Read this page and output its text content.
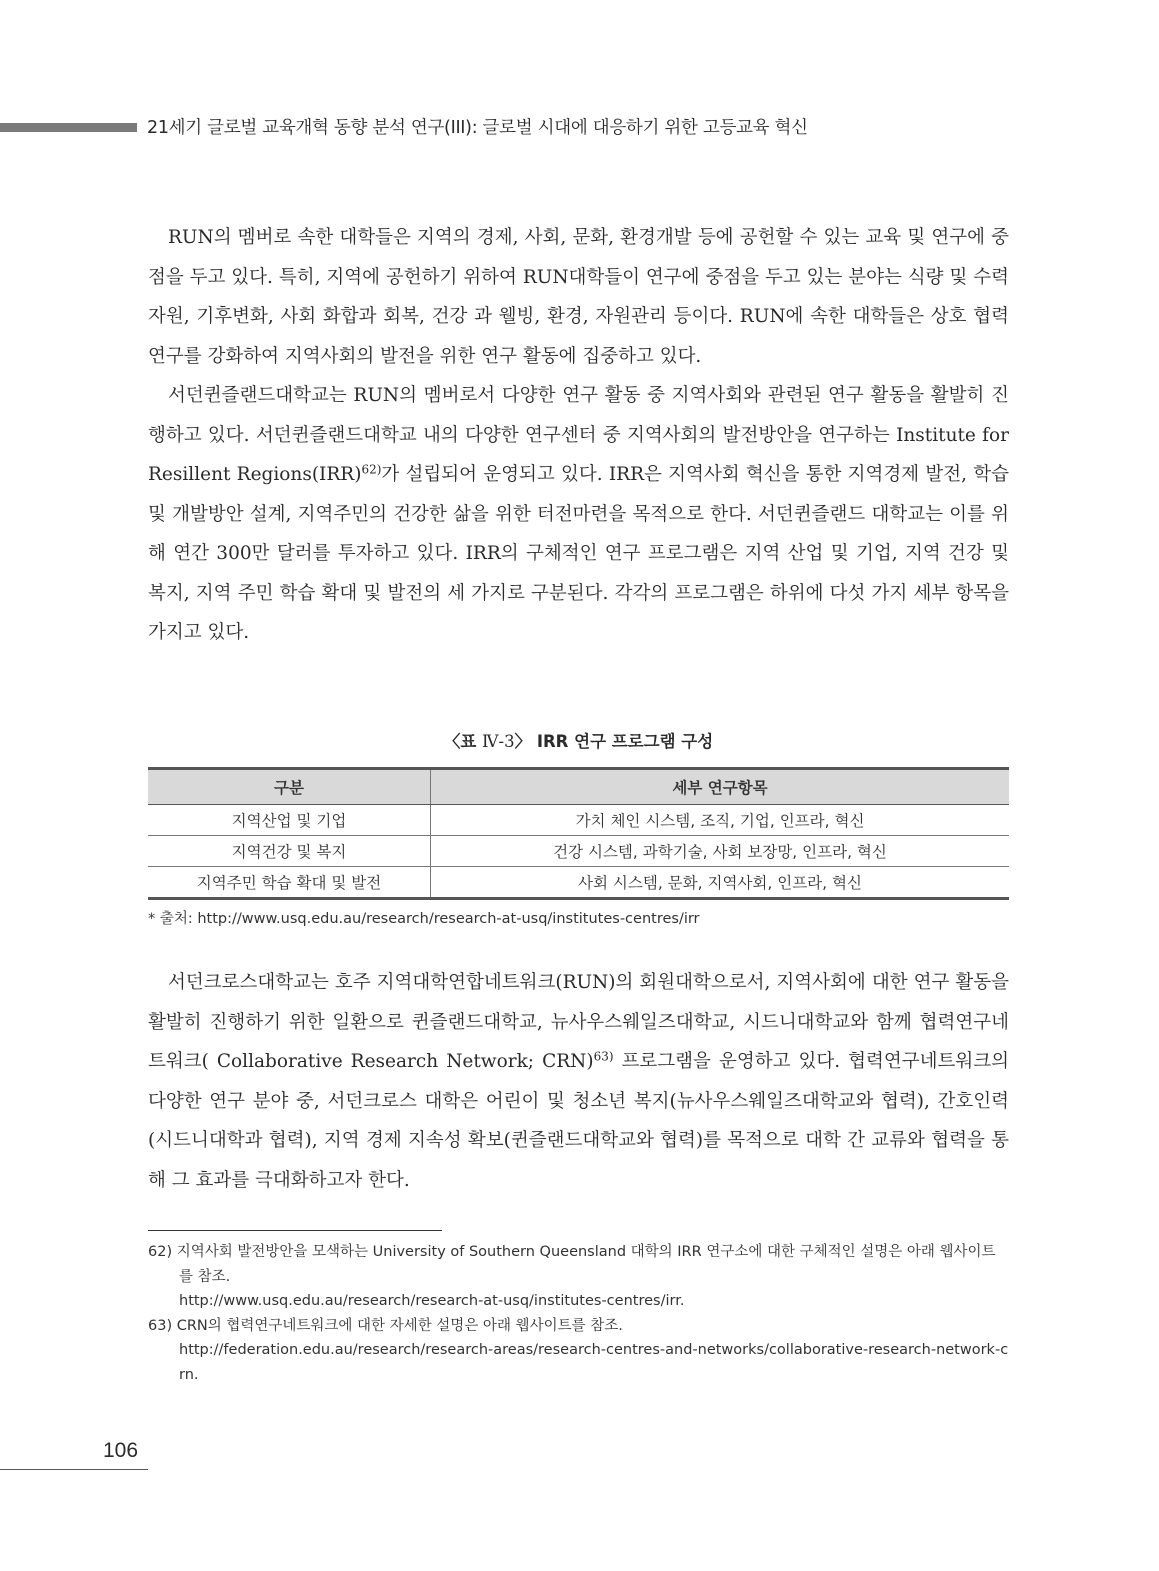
21세기 글로벌 교육개혁 동향 분석 연구(III): 글로벌 시대에 대응하기 위한 고등교육 혁신

RUN의 멤버로 속한 대학들은 지역의 경제, 사회, 문화, 환경개발 등에 공헌할 수 있는 교육 및 연구에 중점을 두고 있다. 특히, 지역에 공헌하기 위하여 RUN대학들이 연구에 중점을 두고 있는 분야는 식량 및 수력자원, 기후변화, 사회 화합과 회복, 건강 과 웰빙, 환경, 자원관리 등이다. RUN에 속한 대학들은 상호 협력연구를 강화하여 지역사회의 발전을 위한 연구 활동에 집중하고 있다.

서던퀸즐랜드대학교는 RUN의 멤버로서 다양한 연구 활동 중 지역사회와 관련된 연구 활동을 활발히 진행하고 있다. 서던퀸즐랜드대학교 내의 다양한 연구센터 중 지역사회의 발전방안을 연구하는 Institute for Resillent Regions(IRR)$^{62)}$가 설립되어 운영되고 있다. IRR은 지역사회 혁신을 통한 지역경제 발전, 학습 및 개발방안 설계, 지역주민의 건강한 삶을 위한 터전마련을 목적으로 한다. 서던퀸즐랜드 대학교는 이를 위해 연간 300만 달러를 투자하고 있다. IRR의 구체적인 연구 프로그램은 지역 산업 및 기업, 지역 건강 및 복지, 지역 주민 학습 확대 및 발전의 세 가지로 구분된다. 각각의 프로그램은 하위에 다섯 가지 세부 항목을 가지고 있다.

〈표 Ⅳ-3〉 IRR 연구 프로그램 구성
구분	세부 연구항목
지역산업 및 기업	가치 체인 시스템, 조직, 기업, 인프라, 혁신
지역건강 및 복지	건강 시스템, 과학기술, 사회 보장망, 인프라, 혁신
지역주민 학습 확대 및 발전	사회 시스템, 문화, 지역사회, 인프라, 혁신
* 출처: http://www.usq.edu.au/research/research-at-usq/institutes-centres/irr

서던크로스대학교는 호주 지역대학연합네트워크(RUN)의 회원대학으로서, 지역사회에 대한 연구 활동을 활발히 진행하기 위한 일환으로 퀸즐랜드대학교, 뉴사우스웨일즈대학교, 시드니대학교와 함께 협력연구네트워크( Collaborative Research Network; CRN)$^{63)}$ 프로그램을 운영하고 있다. 협력연구네트워크의 다양한 연구 분야 중, 서던크로스 대학은 어린이 및 청소년 복지(뉴사우스웨일즈대학교와 협력), 간호인력(시드니대학과 협력), 지역 경제 지속성 확보(퀸즐랜드대학교와 협력)를 목적으로 대학 간 교류와 협력을 통해 그 효과를 극대화하고자 한다.

62) 지역사회 발전방안을 모색하는 University of Southern Queensland 대학의 IRR 연구소에 대한 구체적인 설명은 아래 웹사이트를 참조.
http://www.usq.edu.au/research/research-at-usq/institutes-centres/irr.

63) CRN의 협력연구네트워크에 대한 자세한 설명은 아래 웹사이트를 참조.
http://federation.edu.au/research/research-areas/research-centres-and-networks/collaborative-research-network-crn.

106
